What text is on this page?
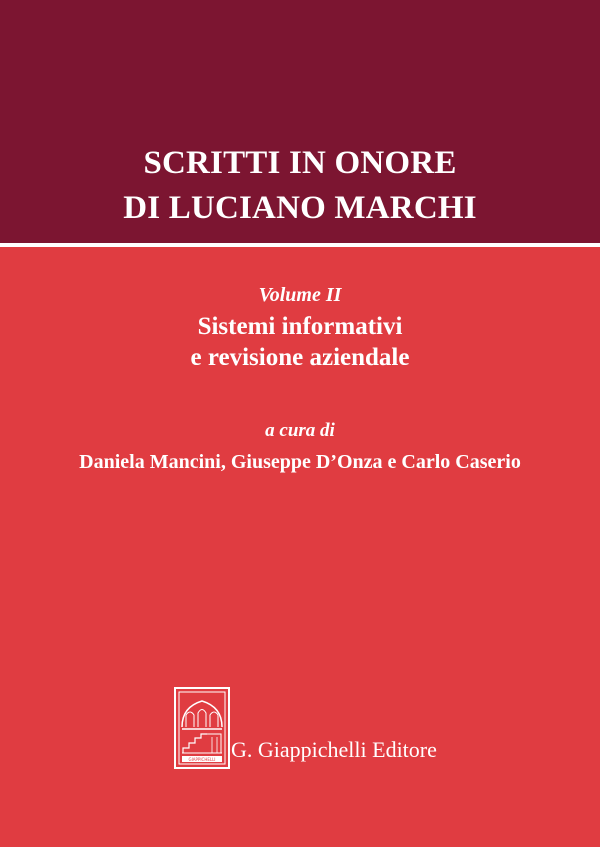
SCRITTI IN ONORE
DI LUCIANO MARCHI
Volume II
Sistemi informativi
e revisione aziendale
a cura di
Daniela Mancini, Giuseppe D’Onza e Carlo Caserio
GIAPPICHELLI G. Giappichelli Editore
